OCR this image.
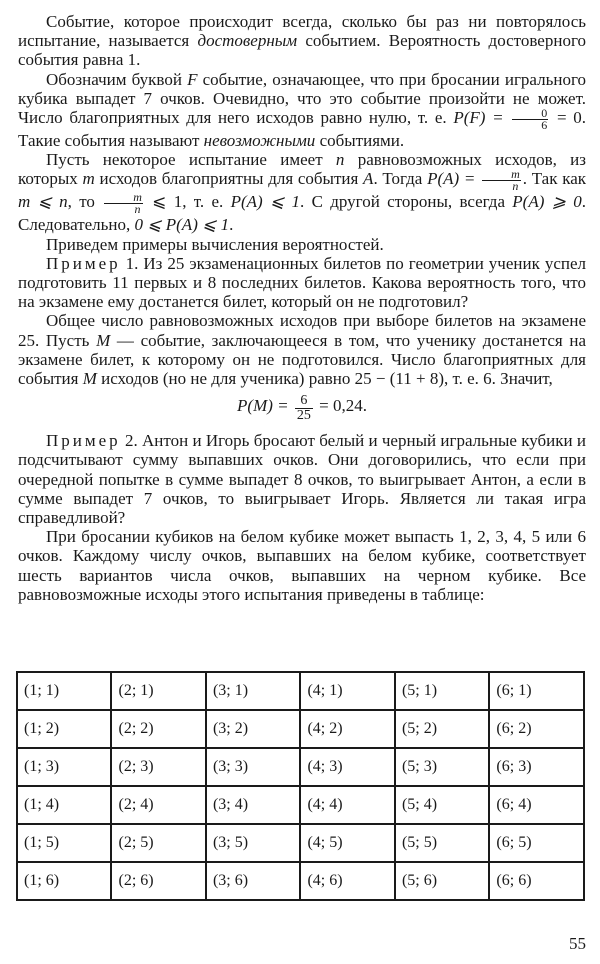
Событие, которое происходит всегда, сколько бы раз ни повторялось испытание, называется достоверным событием. Вероятность достоверного события равна 1.

Обозначим буквой F событие, означающее, что при бросании игрального кубика выпадет 7 очков. Очевидно, что это событие произойти не может. Число благоприятных для него исходов равно нулю, т. е. $P(F) = \frac{0}{6} = 0$. Такие события называют невозможными событиями.

Пусть некоторое испытание имеет n равновозможных исходов, из которых m исходов благоприятны для события A. Тогда $P(A) = \frac{m}{n}$ . Так как m ⩽ n, то $\frac{m}{n}$ ⩽ 1, т. е. P(A) ⩽ 1. С другой стороны, всегда P(A) ⩾ 0. Следовательно, 0 ⩽ P(A) ⩽ 1.

Приведем примеры вычисления вероятностей.

Пример 1. Из 25 экзаменационных билетов по геометрии ученик успел подготовить 11 первых и 8 последних билетов. Какова вероятность того, что на экзамене ему достанется билет, который он не подготовил?

Общее число равновозможных исходов при выборе билетов на экзамене 25. Пусть M — событие, заключающееся в том, что ученику достанется на экзамене билет, к которому он не подготовился. Число благоприятных для события M исходов (но не для ученика) равно 25 − (11 + 8), т. е. 6. Значит,

$P(M) = \frac{6}{25} = 0,24$.

Пример 2. Антон и Игорь бросают белый и черный игральные кубики и подсчитывают сумму выпавших очков. Они договорились, что если при очередной попытке в сумме выпадет 8 очков, то выигрывает Антон, а если в сумме выпадет 7 очков, то выигрывает Игорь. Является ли такая игра справедливой?

При бросании кубиков на белом кубике может выпасть 1, 2, 3, 4, 5 или 6 очков. Каждому числу очков, выпавших на белом кубике, соответствует шесть вариантов числа очков, выпавших на черном кубике. Все равновозможные исходы этого испытания приведены в таблице:

(1; 1)	(2; 1)	(3; 1)	(4; 1)	(5; 1)	(6; 1)
(1; 2)	(2; 2)	(3; 2)	(4; 2)	(5; 2)	(6; 2)
(1; 3)	(2; 3)	(3; 3)	(4; 3)	(5; 3)	(6; 3)
(1; 4)	(2; 4)	(3; 4)	(4; 4)	(5; 4)	(6; 4)
(1; 5)	(2; 5)	(3; 5)	(4; 5)	(5; 5)	(6; 5)
(1; 6)	(2; 6)	(3; 6)	(4; 6)	(5; 6)	(6; 6)
55
